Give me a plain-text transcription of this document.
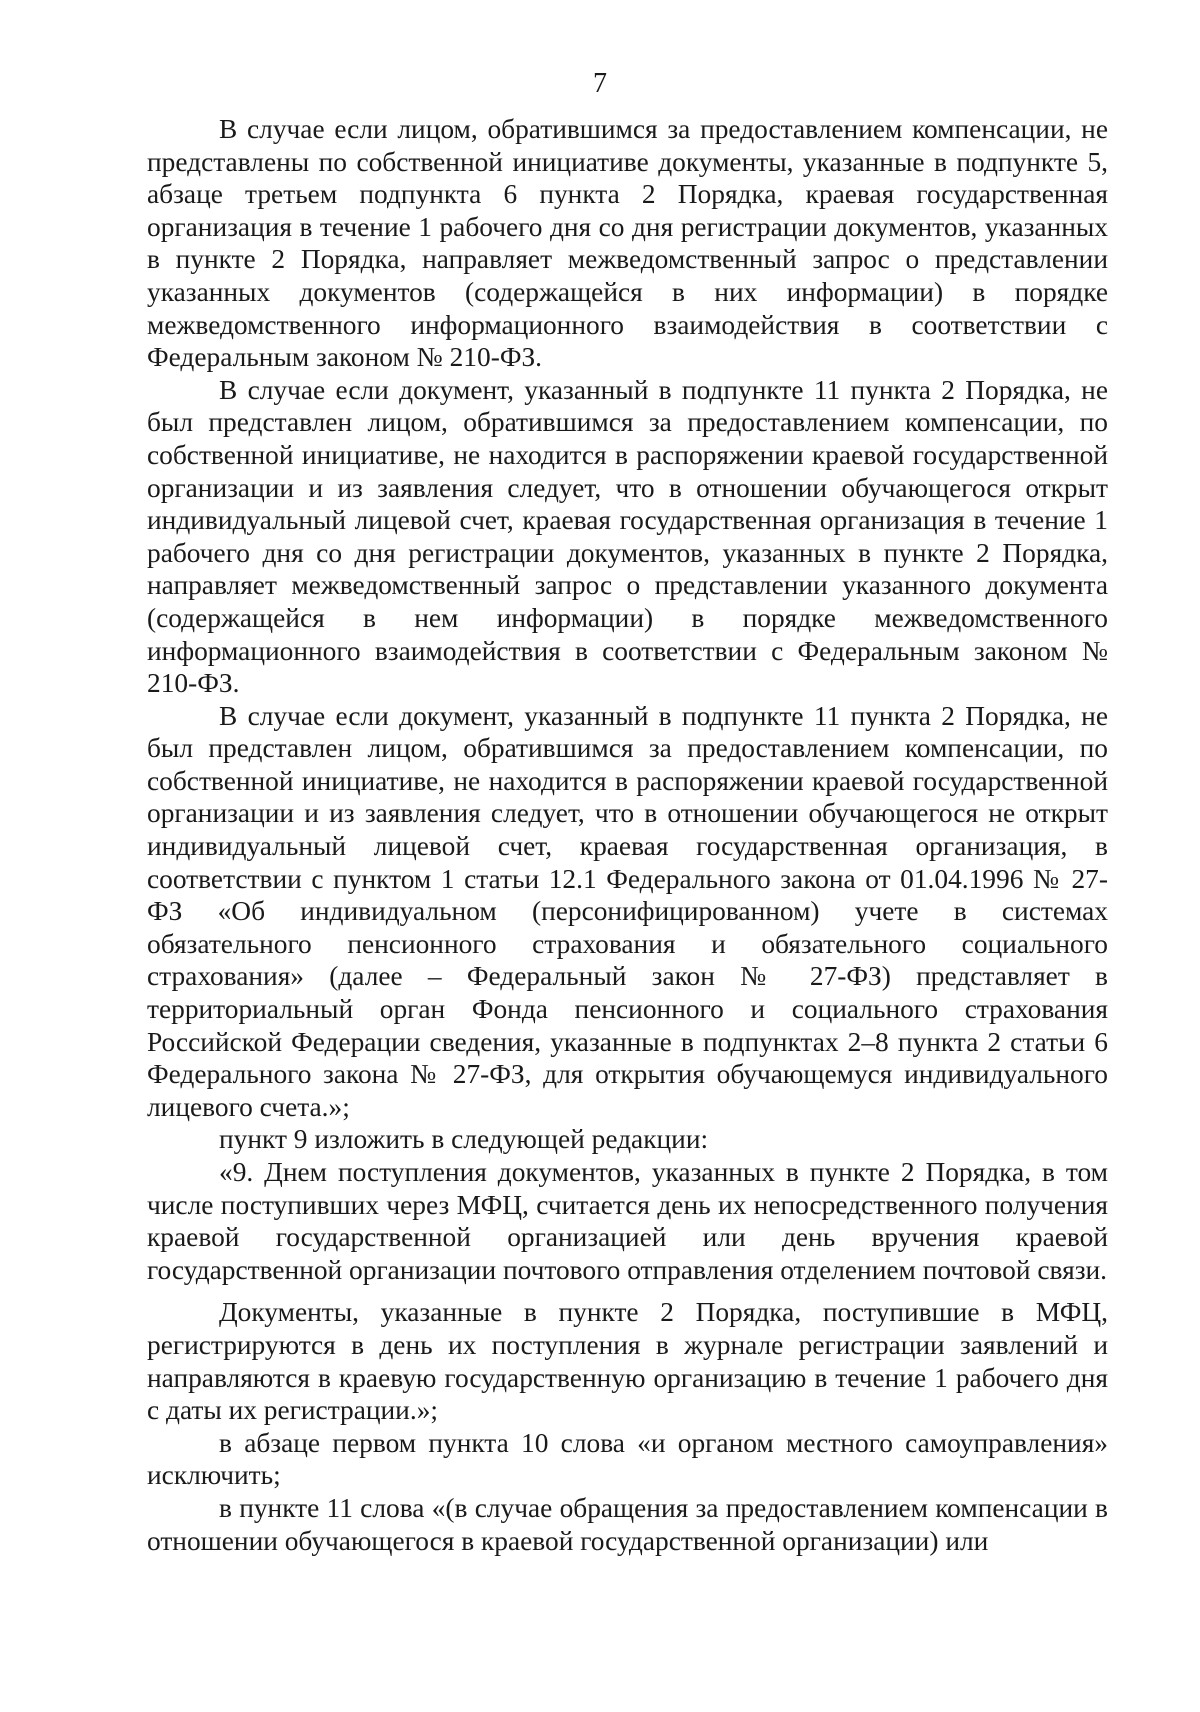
7

В случае если лицом, обратившимся за предоставлением компенсации, не представлены по собственной инициативе документы, указанные в подпункте 5, абзаце третьем подпункта 6 пункта 2 Порядка, краевая государственная организация в течение 1 рабочего дня со дня регистрации документов, указанных в пункте 2 Порядка, направляет межведомственный запрос о представлении указанных документов (содержащейся в них информации) в порядке межведомственного информационного взаимодействия в соответствии с Федеральным законом № 210-ФЗ.

В случае если документ, указанный в подпункте 11 пункта 2 Порядка, не был представлен лицом, обратившимся за предоставлением компенсации, по собственной инициативе, не находится в распоряжении краевой государственной организации и из заявления следует, что в отношении обучающегося открыт индивидуальный лицевой счет, краевая государственная организация в течение 1 рабочего дня со дня регистрации документов, указанных в пункте 2 Порядка, направляет межведомственный запрос о представлении указанного документа (содержащейся в нем информации) в порядке межведомственного информационного взаимодействия в соответствии с Федеральным законом № 210-ФЗ.

В случае если документ, указанный в подпункте 11 пункта 2 Порядка, не был представлен лицом, обратившимся за предоставлением компенсации, по собственной инициативе, не находится в распоряжении краевой государственной организации и из заявления следует, что в отношении обучающегося не открыт индивидуальный лицевой счет, краевая государственная организация, в соответствии с пунктом 1 статьи 12.1 Федерального закона от 01.04.1996 № 27-ФЗ «Об индивидуальном (персонифицированном) учете в системах обязательного пенсионного страхования и обязательного социального страхования» (далее – Федеральный закон № 27-ФЗ) представляет в территориальный орган Фонда пенсионного и социального страхования Российской Федерации сведения, указанные в подпунктах 2–8 пункта 2 статьи 6 Федерального закона № 27-ФЗ, для открытия обучающемуся индивидуального лицевого счета.»;

пункт 9 изложить в следующей редакции:

«9. Днем поступления документов, указанных в пункте 2 Порядка, в том числе поступивших через МФЦ, считается день их непосредственного получения краевой государственной организацией или день вручения краевой государственной организации почтового отправления отделением почтовой связи.

Документы, указанные в пункте 2 Порядка, поступившие в МФЦ, регистрируются в день их поступления в журнале регистрации заявлений и направляются в краевую государственную организацию в течение 1 рабочего дня с даты их регистрации.»;

в абзаце первом пункта 10 слова «и органом местного самоуправления» исключить;

в пункте 11 слова «(в случае обращения за предоставлением компенсации в отношении обучающегося в краевой государственной организации) или
